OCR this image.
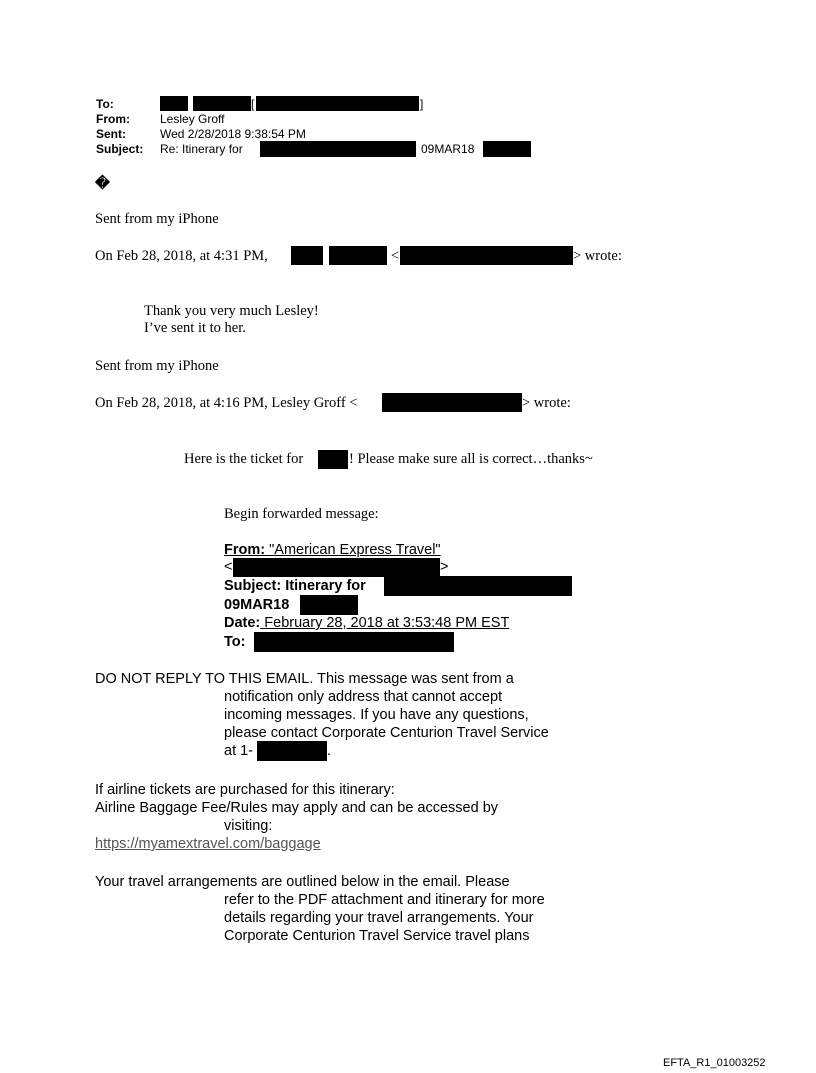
To:	[	]
From:	Lesley Groff
Sent:	Wed 2/28/2018 9:38:54 PM
Subject: Re: Itinerary for	09MAR18
�
Sent from my iPhone
On Feb 28, 2018, at 4:31 PM,	<	> wrote:
Thank you very much Lesley!
I’ve sent it to her.
Sent from my iPhone
On Feb 28, 2018, at 4:16 PM, Lesley Groff <	> wrote:
Here is the ticket for	! Please make sure all is correct…thanks~
Begin forwarded message:
From: "American Express Travel"
<	>
Subject: Itinerary for
09MAR18
Date: February 28, 2018 at 3:53:48 PM EST
To:
DO NOT REPLY TO THIS EMAIL. This message was sent from a
notification only address that cannot accept
incoming messages. If you have any questions,
please contact Corporate Centurion Travel Service
at 1-	.
If airline tickets are purchased for this itinerary:
Airline Baggage Fee/Rules may apply and can be accessed by
visiting:
https://myamextravel.com/baggage
Your travel arrangements are outlined below in the email. Please
refer to the PDF attachment and itinerary for more
details regarding your travel arrangements. Your
Corporate Centurion Travel Service travel plans
EFTA_R1_01003252
